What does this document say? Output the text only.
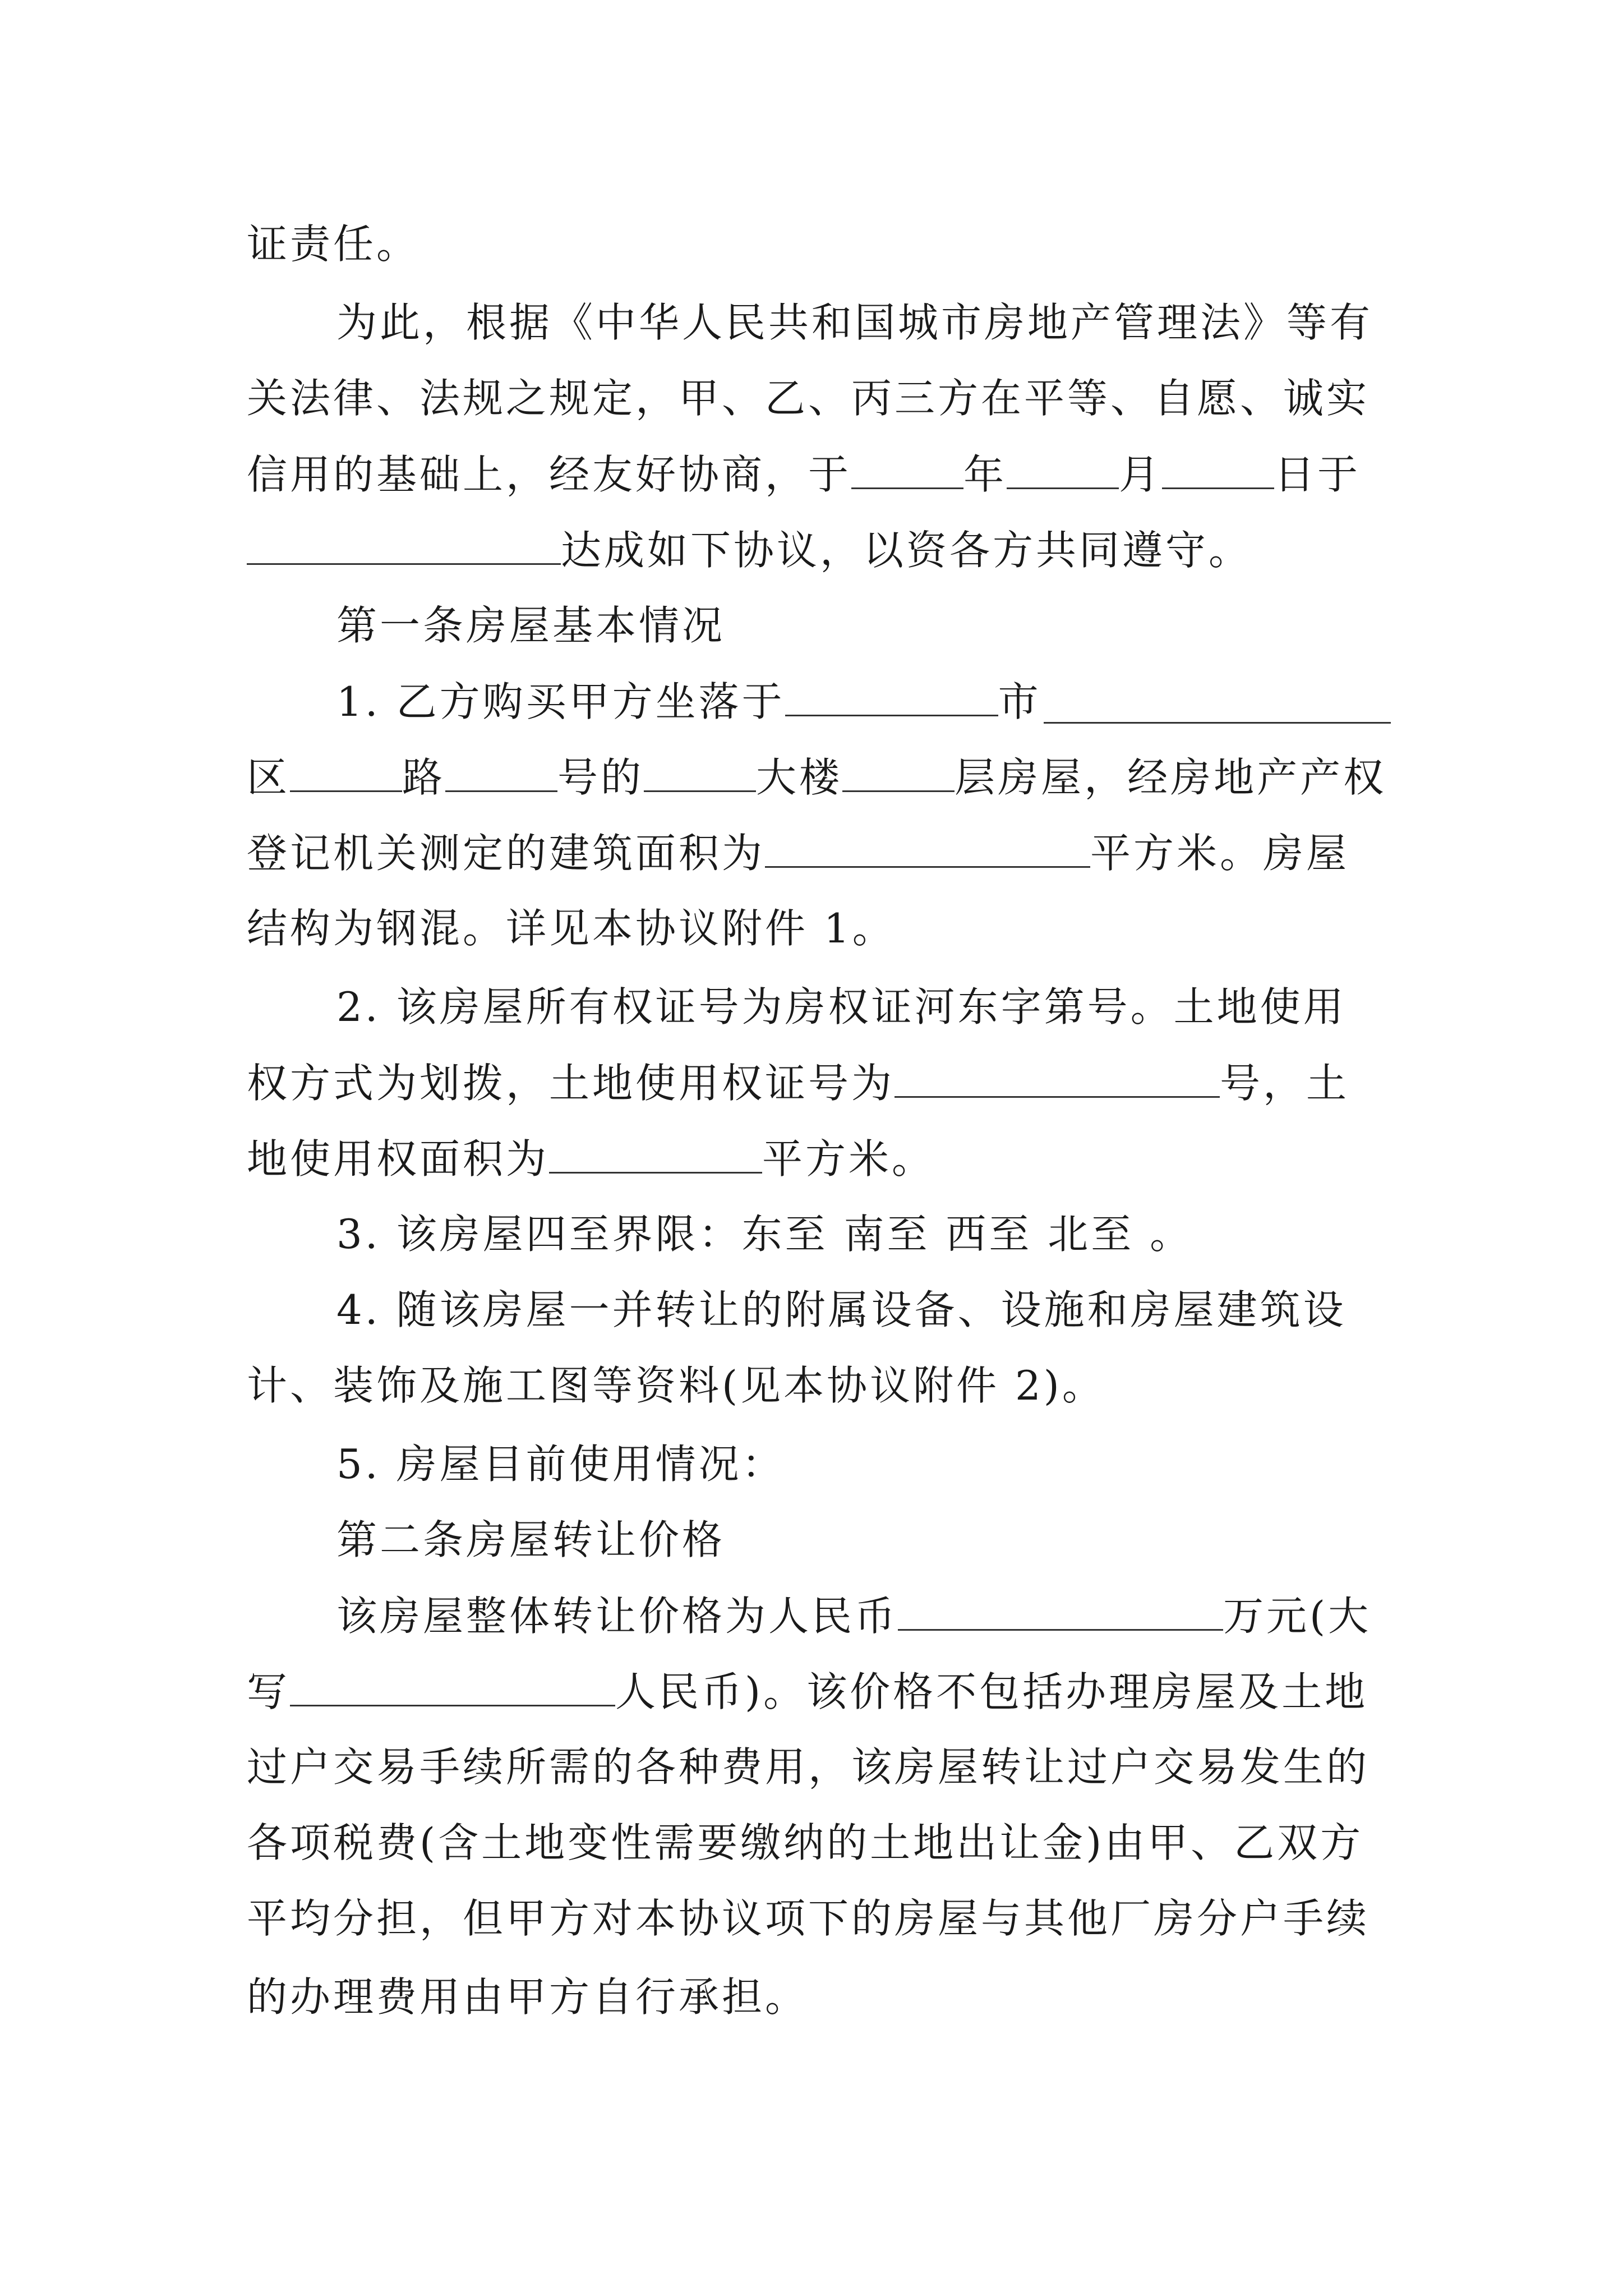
证责任。
为此，根据《中华人民共和国城市房地产管理法》等有
关法律、法规之规定，甲、乙、丙三方在平等、自愿、诚实
信用的基础上，经友好协商，于	年	月	日于
达成如下协议，以资各方共同遵守。
第一条房屋基本情况
1. 乙方购买甲方坐落于	市
区	路	号的	大楼	层房屋，经房地产产权
登记机关测定的建筑面积为	平方米。房屋
结构为钢混。详见本协议附件 1。
2. 该房屋所有权证号为房权证河东字第号。土地使用
权方式为划拨，土地使用权证号为	号，土
地使用权面积为	平方米。
3. 该房屋四至界限：东至 南至 西至 北至 。
4. 随该房屋一并转让的附属设备、设施和房屋建筑设
计、装饰及施工图等资料(见本协议附件 2)。
5. 房屋目前使用情况：
第二条房屋转让价格
该房屋整体转让价格为人民币	万元(大
写	人民币)。该价格不包括办理房屋及土地
过户交易手续所需的各种费用，该房屋转让过户交易发生的
各项税费(含土地变性需要缴纳的土地出让金)由甲、乙双方
平均分担，但甲方对本协议项下的房屋与其他厂房分户手续
的办理费用由甲方自行承担。
